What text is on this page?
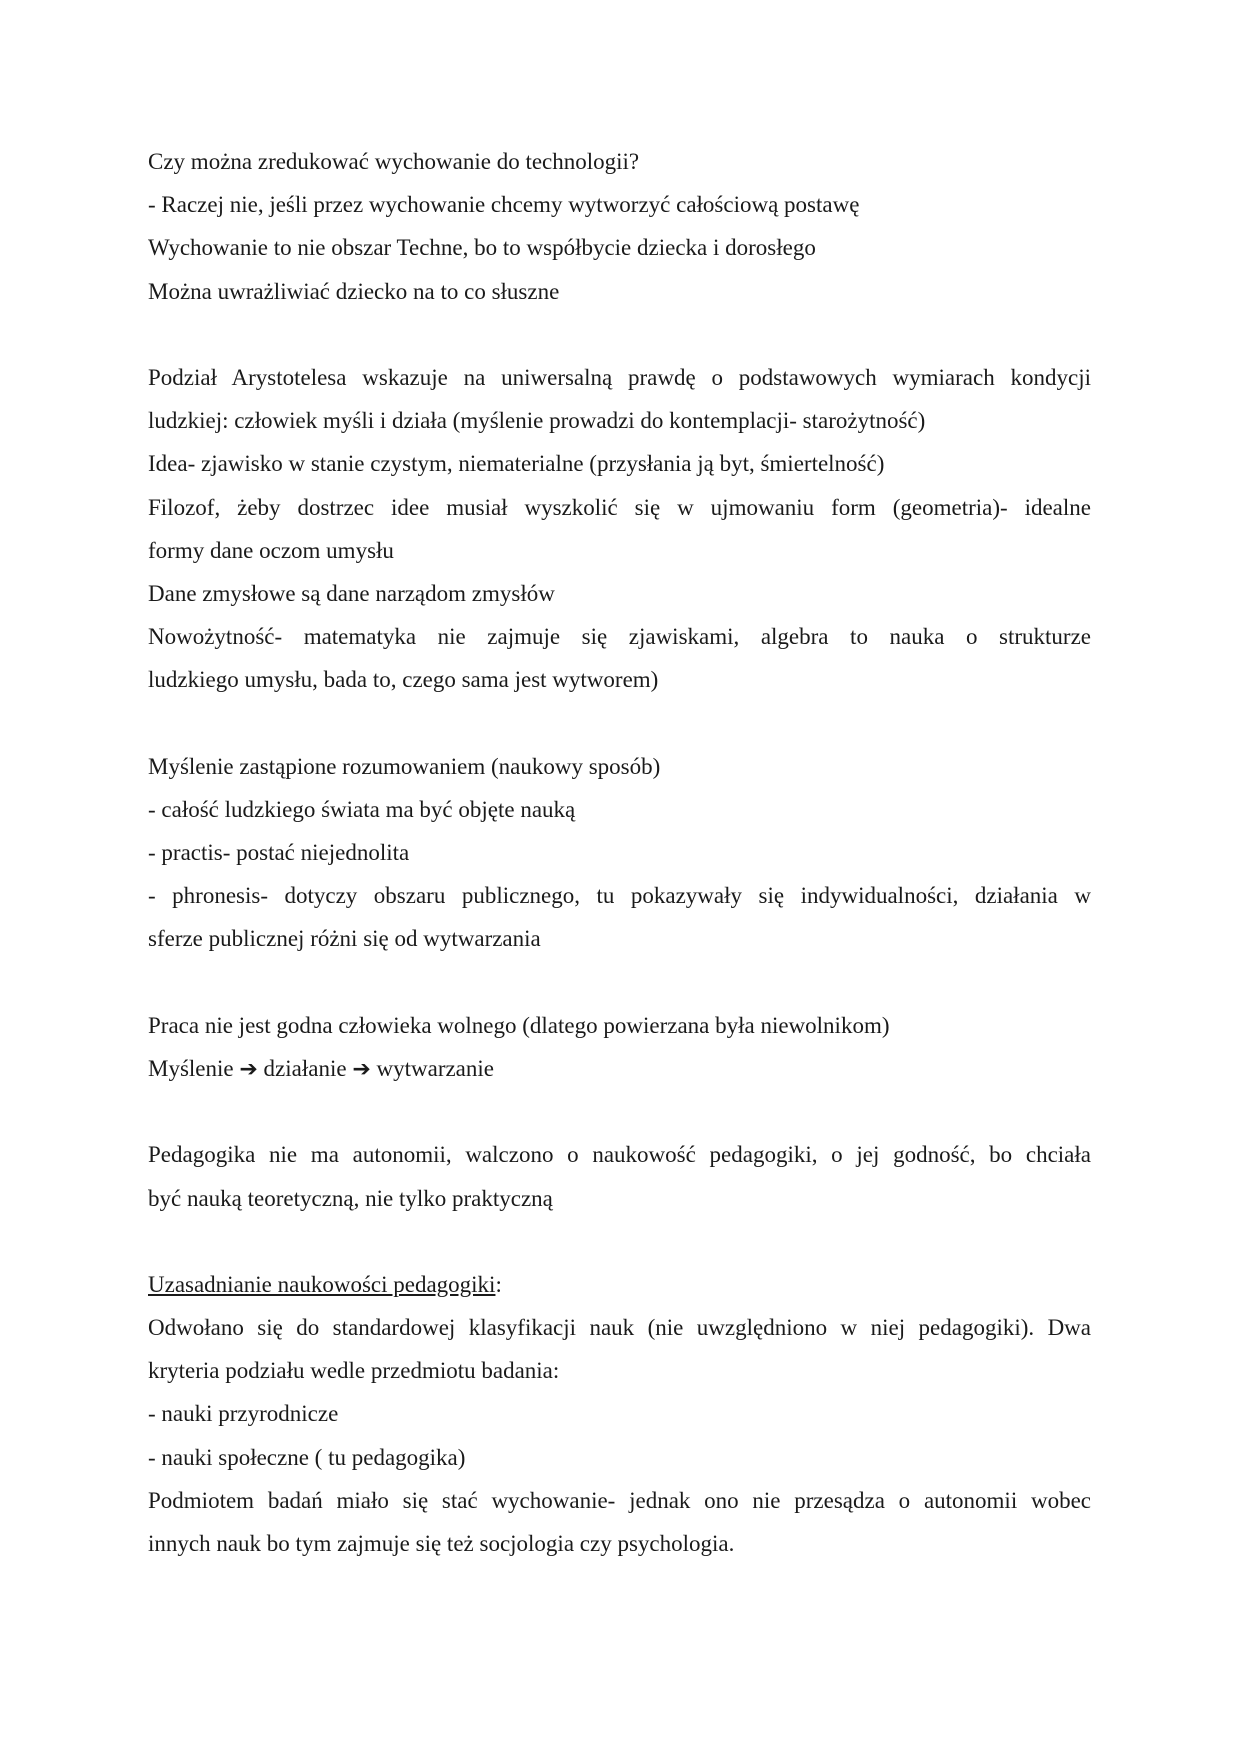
Czy można zredukować wychowanie do technologii?
- Raczej nie, jeśli przez wychowanie chcemy wytworzyć całościową postawę
Wychowanie to nie obszar Techne, bo to współbycie dziecka i dorosłego
Można uwrażliwiać dziecko na to co słuszne
Podział Arystotelesa wskazuje na uniwersalną prawdę o podstawowych wymiarach kondycji
ludzkiej: człowiek myśli i działa (myślenie prowadzi do kontemplacji- starożytność)
Idea- zjawisko w stanie czystym, niematerialne (przysłania ją byt, śmiertelność)
Filozof, żeby dostrzec idee musiał wyszkolić się w ujmowaniu form (geometria)- idealne
formy dane oczom umysłu
Dane zmysłowe są dane narządom zmysłów
Nowożytność- matematyka nie zajmuje się zjawiskami, algebra to nauka o strukturze
ludzkiego umysłu, bada to, czego sama jest wytworem)
Myślenie zastąpione rozumowaniem (naukowy sposób)
- całość ludzkiego świata ma być objęte nauką
- practis- postać niejednolita
- phronesis- dotyczy obszaru publicznego, tu pokazywały się indywidualności, działania w
sferze publicznej różni się od wytwarzania
Praca nie jest godna człowieka wolnego (dlatego powierzana była niewolnikom)
Myślenie ➔ działanie ➔ wytwarzanie
Pedagogika nie ma autonomii, walczono o naukowość pedagogiki, o jej godność, bo chciała
być nauką teoretyczną, nie tylko praktyczną
Uzasadnianie naukowości pedagogiki:
Odwołano się do standardowej klasyfikacji nauk (nie uwzględniono w niej pedagogiki). Dwa
kryteria podziału wedle przedmiotu badania:
- nauki przyrodnicze
- nauki społeczne ( tu pedagogika)
Podmiotem badań miało się stać wychowanie- jednak ono nie przesądza o autonomii wobec
innych nauk bo tym zajmuje się też socjologia czy psychologia.
